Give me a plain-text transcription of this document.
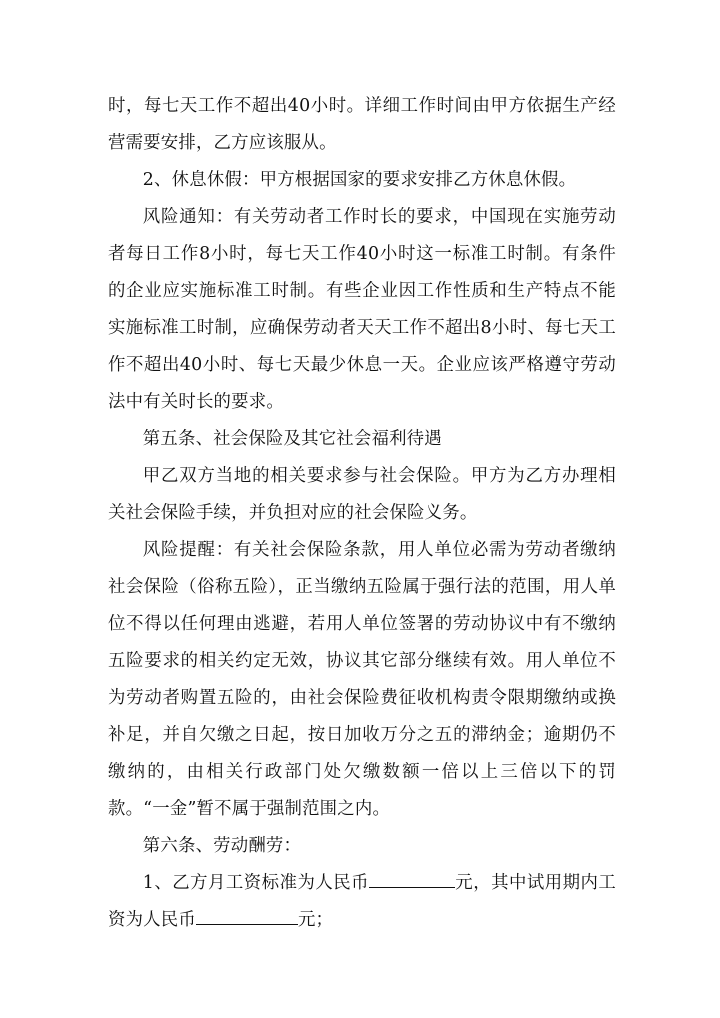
时，每七天工作不超出40小时。详细工作时间由甲方依据生产经营需要安排，乙方应该服从。

2、休息休假：甲方根据国家的要求安排乙方休息休假。

风险通知：有关劳动者工作时长的要求，中国现在实施劳动者每日工作8小时，每七天工作40小时这一标准工时制。有条件的企业应实施标准工时制。有些企业因工作性质和生产特点不能实施标准工时制，应确保劳动者天天工作不超出8小时、每七天工作不超出40小时、每七天最少休息一天。企业应该严格遵守劳动法中有关时长的要求。

第五条、社会保险及其它社会福利待遇

甲乙双方当地的相关要求参与社会保险。甲方为乙方办理相关社会保险手续，并负担对应的社会保险义务。

风险提醒：有关社会保险条款，用人单位必需为劳动者缴纳社会保险（俗称五险），正当缴纳五险属于强行法的范围，用人单位不得以任何理由逃避，若用人单位签署的劳动协议中有不缴纳五险要求的相关约定无效，协议其它部分继续有效。用人单位不为劳动者购置五险的，由社会保险费征收机构责令限期缴纳或换补足，并自欠缴之日起，按日加收万分之五的滞纳金；逾期仍不缴纳的，由相关行政部门处欠缴数额一倍以上三倍以下的罚款。“一金”暂不属于强制范围之内。

第六条、劳动酬劳：

1、乙方月工资标准为人民币	元，其中试用期内工资为人民币	元；
